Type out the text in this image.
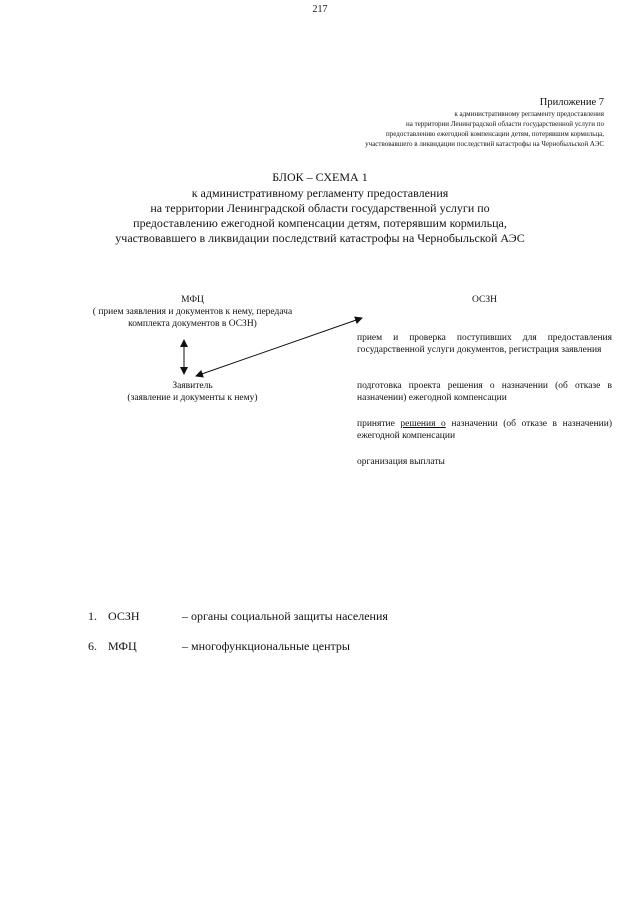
217
Приложение 7
к административному регламенту предоставления
на территории Ленинградской области государственной услуги по
предоставлению ежегодной компенсации детям, потерявшим кормильца,
участвовавшего в ликвидации последствий катастрофы на Чернобыльской АЭС
БЛОК – СХЕМА 1
к административному регламенту предоставления
на территории Ленинградской области государственной услуги по
предоставлению ежегодной компенсации детям, потерявшим кормильца,
участвовавшего в ликвидации последствий катастрофы на Чернобыльской АЭС
МФЦ
( прием заявления и документов к нему, передача
комплекта документов в ОСЗН)
Заявитель
(заявление и документы к нему)
ОСЗН
прием и проверка поступивших для предоставления государственной услуги документов, регистрация заявления
подготовка проекта решения о назначении (об отказе в назначении) ежегодной компенсации
принятие решения о назначении (об отказе в назначении) ежегодной компенсации
организация выплаты
1. ОСЗН	– органы социальной защиты населения
6. МФЦ	– многофункциональные центры
